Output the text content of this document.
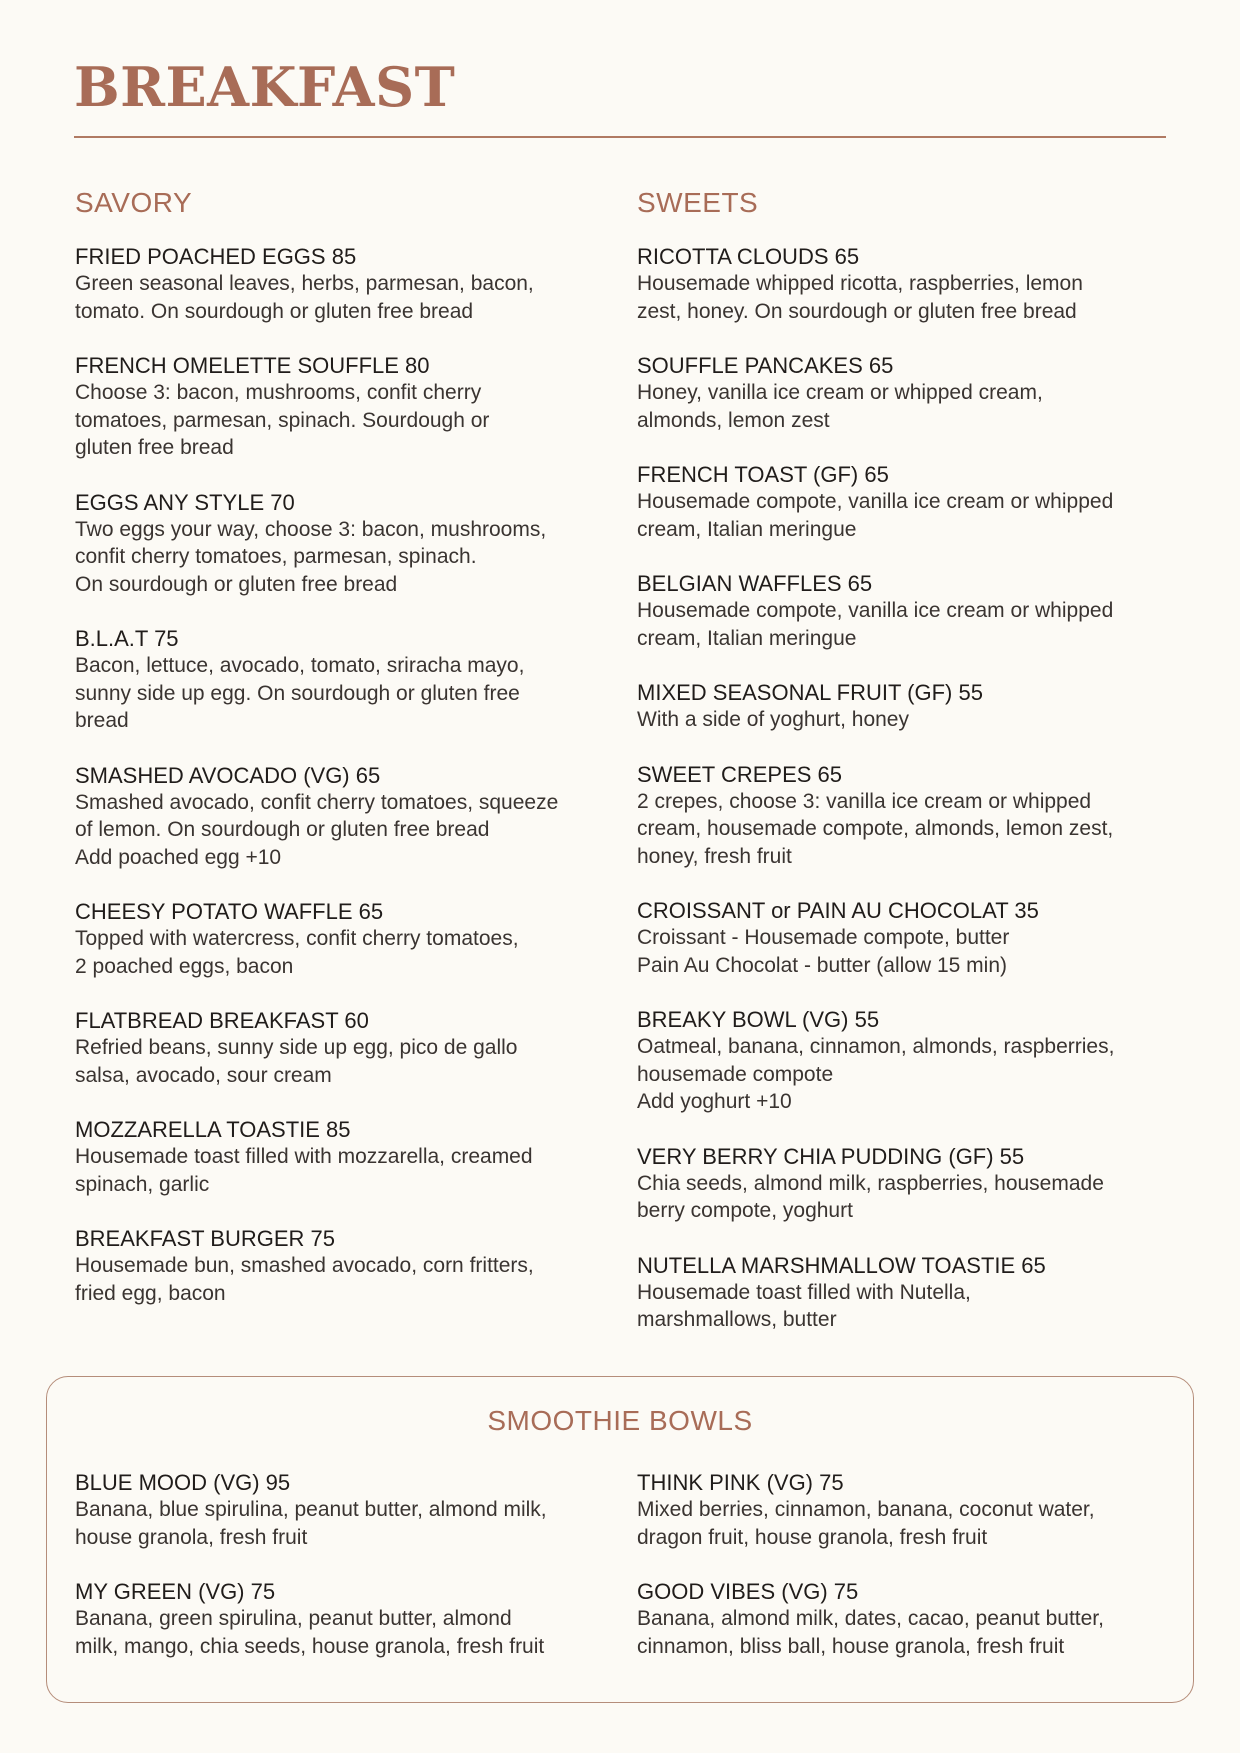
BREAKFAST
SAVORY
FRIED POACHED EGGS 85
Green seasonal leaves, herbs, parmesan, bacon,
tomato. On sourdough or gluten free bread
FRENCH OMELETTE SOUFFLE 80
Choose 3: bacon, mushrooms, confit cherry
tomatoes, parmesan, spinach. Sourdough or
gluten free bread
EGGS ANY STYLE 70
Two eggs your way, choose 3: bacon, mushrooms,
confit cherry tomatoes, parmesan, spinach.
On sourdough or gluten free bread
B.L.A.T 75
Bacon, lettuce, avocado, tomato, sriracha mayo,
sunny side up egg. On sourdough or gluten free
bread
SMASHED AVOCADO (VG) 65
Smashed avocado, confit cherry tomatoes, squeeze
of lemon. On sourdough or gluten free bread
Add poached egg +10
CHEESY POTATO WAFFLE 65
Topped with watercress, confit cherry tomatoes,
2 poached eggs, bacon
FLATBREAD BREAKFAST 60
Refried beans, sunny side up egg, pico de gallo
salsa, avocado, sour cream
MOZZARELLA TOASTIE 85
Housemade toast filled with mozzarella, creamed
spinach, garlic
BREAKFAST BURGER 75
Housemade bun, smashed avocado, corn fritters,
fried egg, bacon
SWEETS
RICOTTA CLOUDS 65
Housemade whipped ricotta, raspberries, lemon
zest, honey. On sourdough or gluten free bread
SOUFFLE PANCAKES 65
Honey, vanilla ice cream or whipped cream,
almonds, lemon zest
FRENCH TOAST (GF) 65
Housemade compote, vanilla ice cream or whipped
cream, Italian meringue
BELGIAN WAFFLES 65
Housemade compote, vanilla ice cream or whipped
cream, Italian meringue
MIXED SEASONAL FRUIT (GF) 55
With a side of yoghurt, honey
SWEET CREPES 65
2 crepes, choose 3: vanilla ice cream or whipped
cream, housemade compote, almonds, lemon zest,
honey, fresh fruit
CROISSANT or PAIN AU CHOCOLAT 35
Croissant - Housemade compote, butter
Pain Au Chocolat - butter (allow 15 min)
BREAKY BOWL (VG) 55
Oatmeal, banana, cinnamon, almonds, raspberries,
housemade compote
Add yoghurt +10
VERY BERRY CHIA PUDDING (GF) 55
Chia seeds, almond milk, raspberries, housemade
berry compote, yoghurt
NUTELLA MARSHMALLOW TOASTIE 65
Housemade toast filled with Nutella,
marshmallows, butter
SMOOTHIE BOWLS
BLUE MOOD (VG) 95
Banana, blue spirulina, peanut butter, almond milk,
house granola, fresh fruit
MY GREEN (VG) 75
Banana, green spirulina, peanut butter, almond
milk, mango, chia seeds, house granola, fresh fruit
THINK PINK (VG) 75
Mixed berries, cinnamon, banana, coconut water,
dragon fruit, house granola, fresh fruit
GOOD VIBES (VG) 75
Banana, almond milk, dates, cacao, peanut butter,
cinnamon, bliss ball, house granola, fresh fruit
